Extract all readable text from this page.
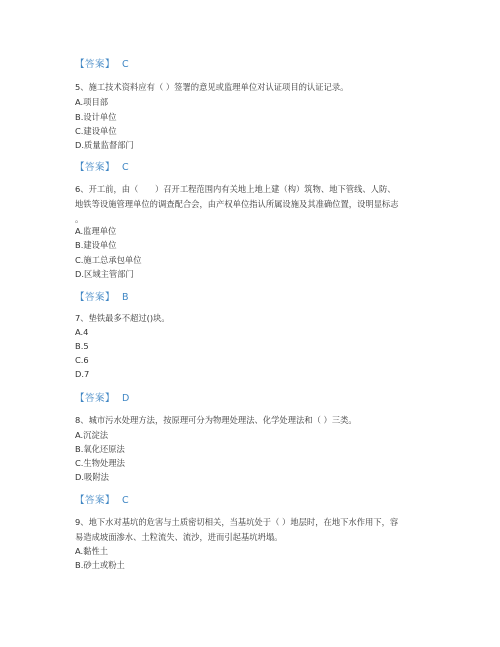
【答案】  C
5、施工技术资料应有（ ）签署的意见或监理单位对认证项目的认证记录。
A.项目部
B.设计单位
C.建设单位
D.质量监督部门
【答案】  C
6、开工前，由（　　）召开工程范围内有关地上地上建（构）筑物、地下管线、人防、
地铁等设施管理单位的调查配合会，由产权单位指认所属设施及其准确位置，设明显标志
。
A.监理单位
B.建设单位
C.施工总承包单位
D.区域主管部门
【答案】  B
7、垫铁最多不超过()块。
A.4
B.5
C.6
D.7
【答案】  D
8、城市污水处理方法，按原理可分为物理处理法、化学处理法和（ ）三类。
A.沉淀法
B.氧化还原法
C.生物处理法
D.吸附法
【答案】  C
9、地下水对基坑的危害与土质密切相关，当基坑处于（ ）地层时，在地下水作用下，容
易造成坡面渗水、土粒流失、流沙，进而引起基坑坍塌。
A.黏性土
B.砂土或粉土
